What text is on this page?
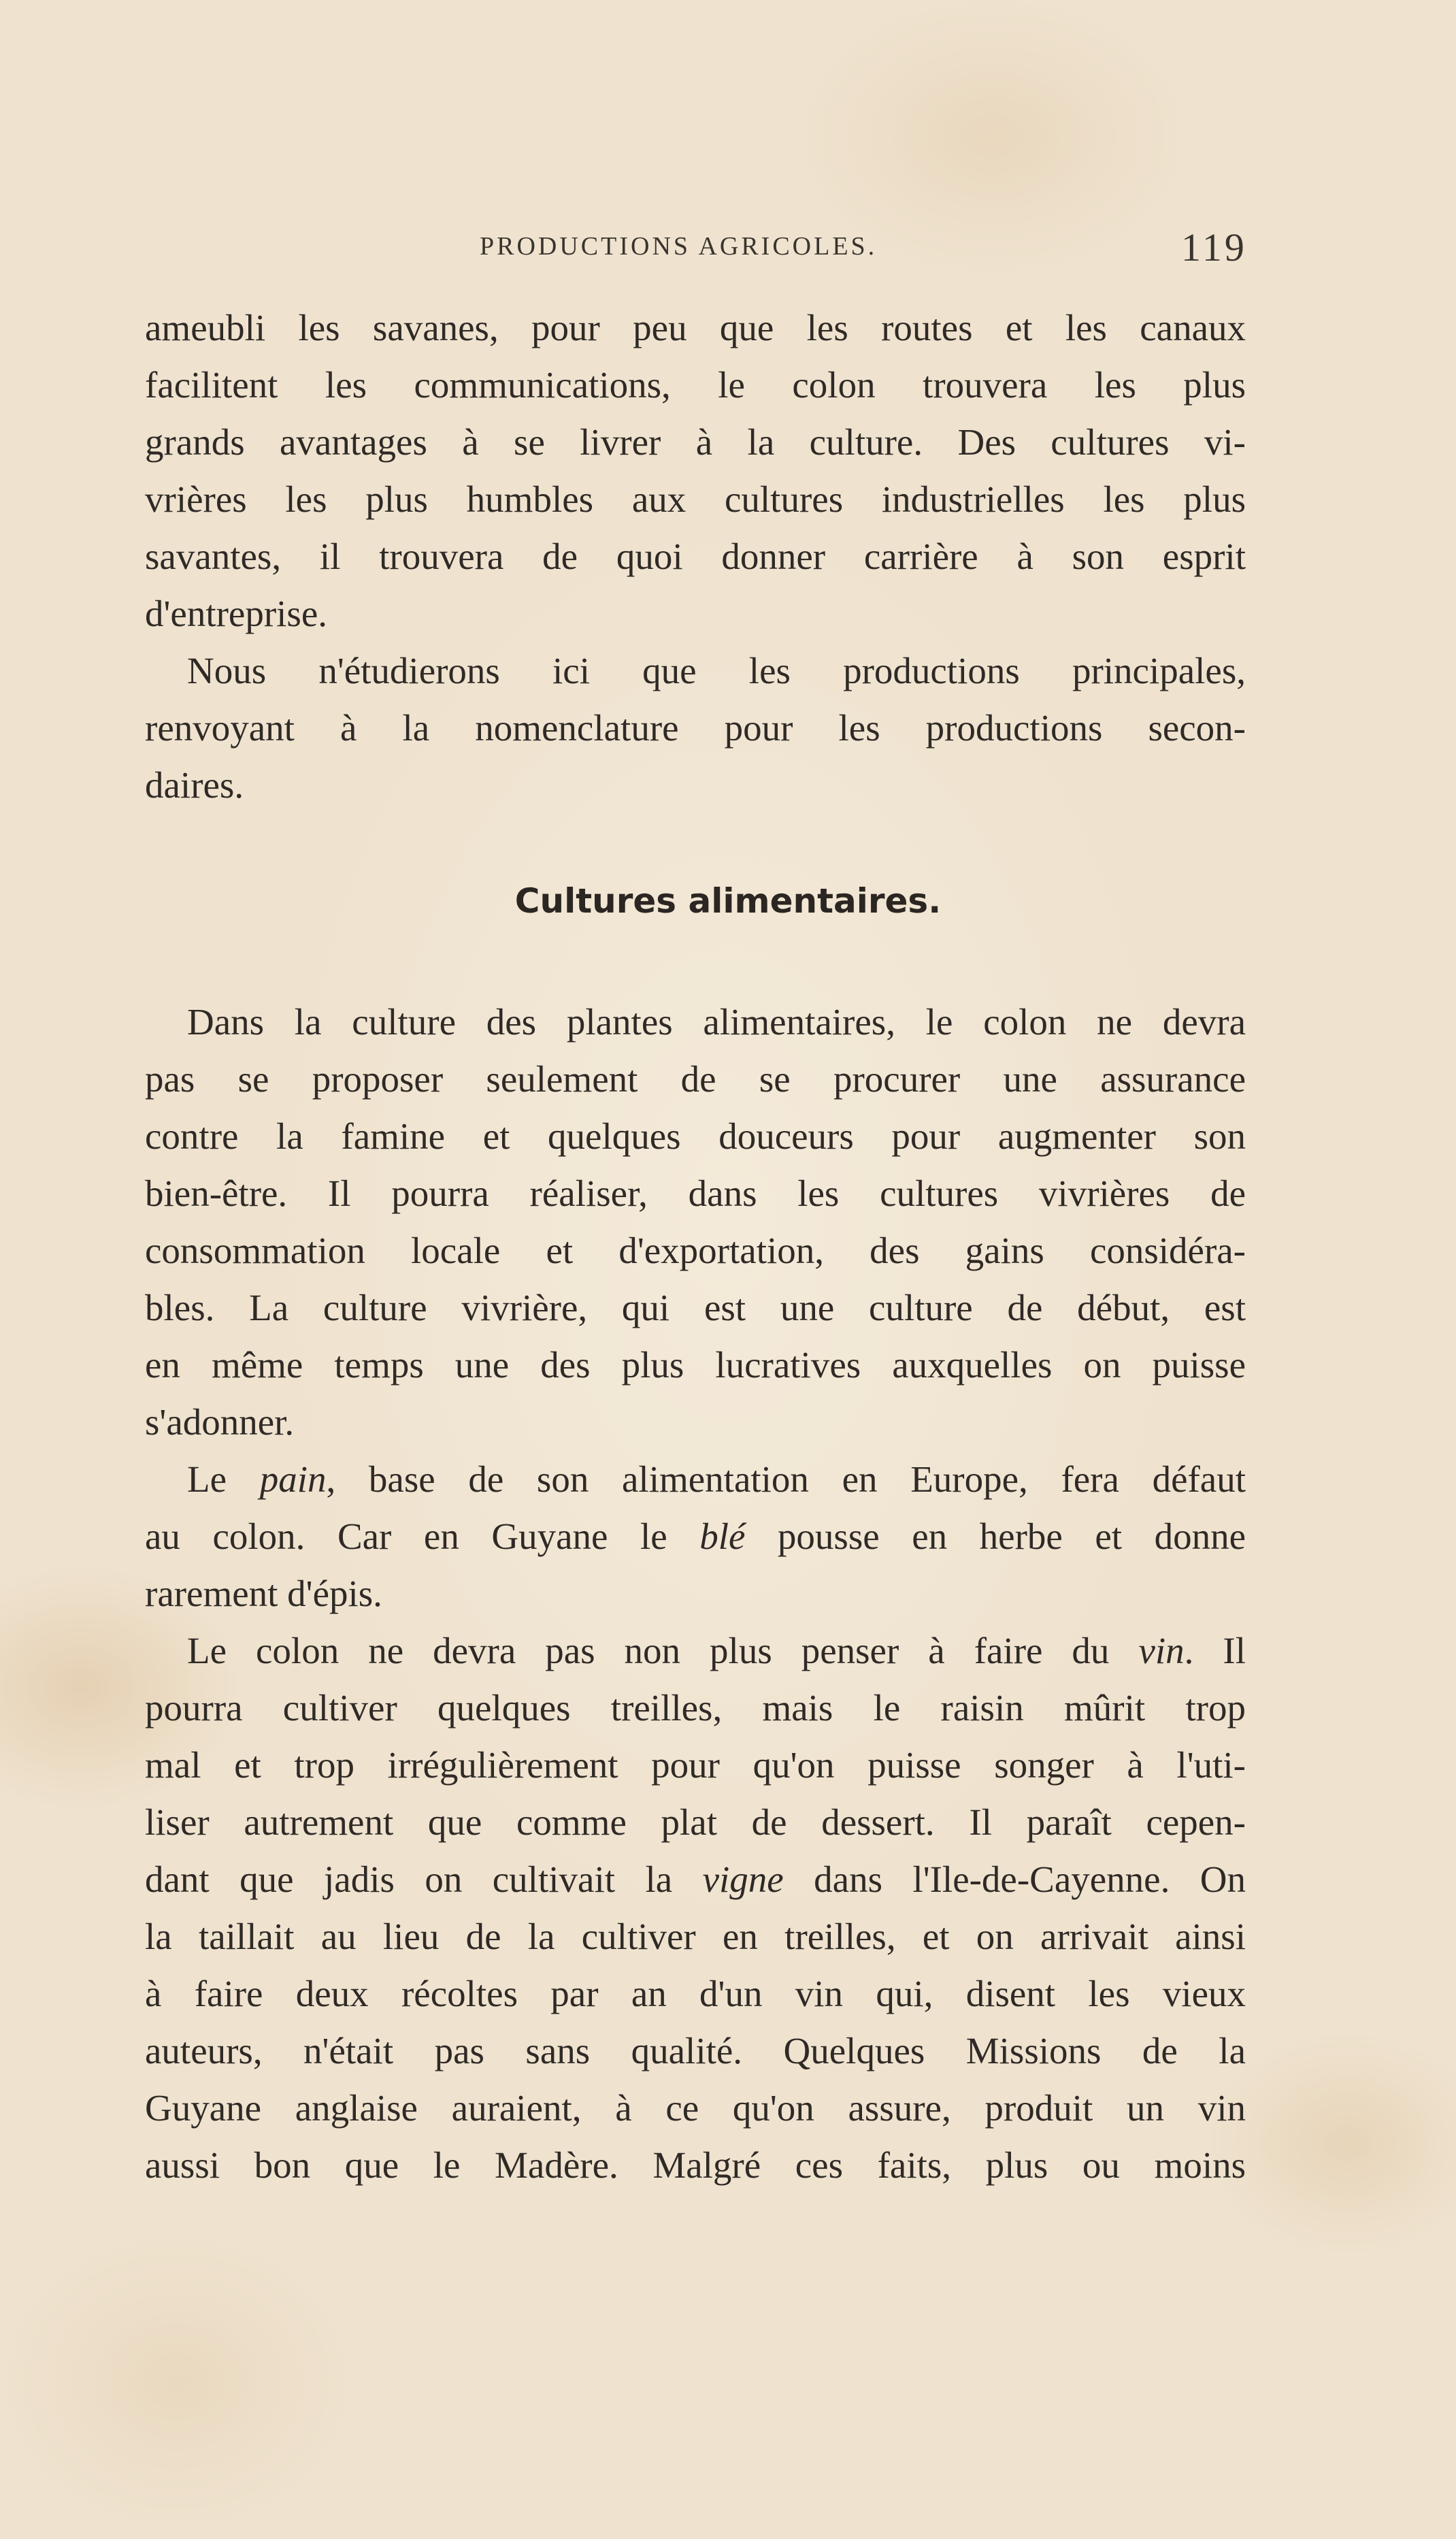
PRODUCTIONS AGRICOLES.	119
ameubli les savanes, pour peu que les routes et les canaux
facilitent les communications, le colon trouvera les plus
grands avantages à se livrer à la culture. Des cultures vi-
vrières les plus humbles aux cultures industrielles les plus
savantes, il trouvera de quoi donner carrière à son esprit
d'entreprise.
Nous n'étudierons ici que les productions principales,
renvoyant à la nomenclature pour les productions secon-
daires.
Cultures alimentaires.
Dans la culture des plantes alimentaires, le colon ne devra
pas se proposer seulement de se procurer une assurance
contre la famine et quelques douceurs pour augmenter son
bien-être. Il pourra réaliser, dans les cultures vivrières de
consommation locale et d'exportation, des gains considéra-
bles. La culture vivrière, qui est une culture de début, est
en même temps une des plus lucratives auxquelles on puisse
s'adonner.
Le pain, base de son alimentation en Europe, fera défaut
au colon. Car en Guyane le blé pousse en herbe et donne
rarement d'épis.
Le colon ne devra pas non plus penser à faire du vin. Il
pourra cultiver quelques treilles, mais le raisin mûrit trop
mal et trop irrégulièrement pour qu'on puisse songer à l'uti-
liser autrement que comme plat de dessert. Il paraît cepen-
dant que jadis on cultivait la vigne dans l'Ile-de-Cayenne. On
la taillait au lieu de la cultiver en treilles, et on arrivait ainsi
à faire deux récoltes par an d'un vin qui, disent les vieux
auteurs, n'était pas sans qualité. Quelques Missions de la
Guyane anglaise auraient, à ce qu'on assure, produit un vin
aussi bon que le Madère. Malgré ces faits, plus ou moins
